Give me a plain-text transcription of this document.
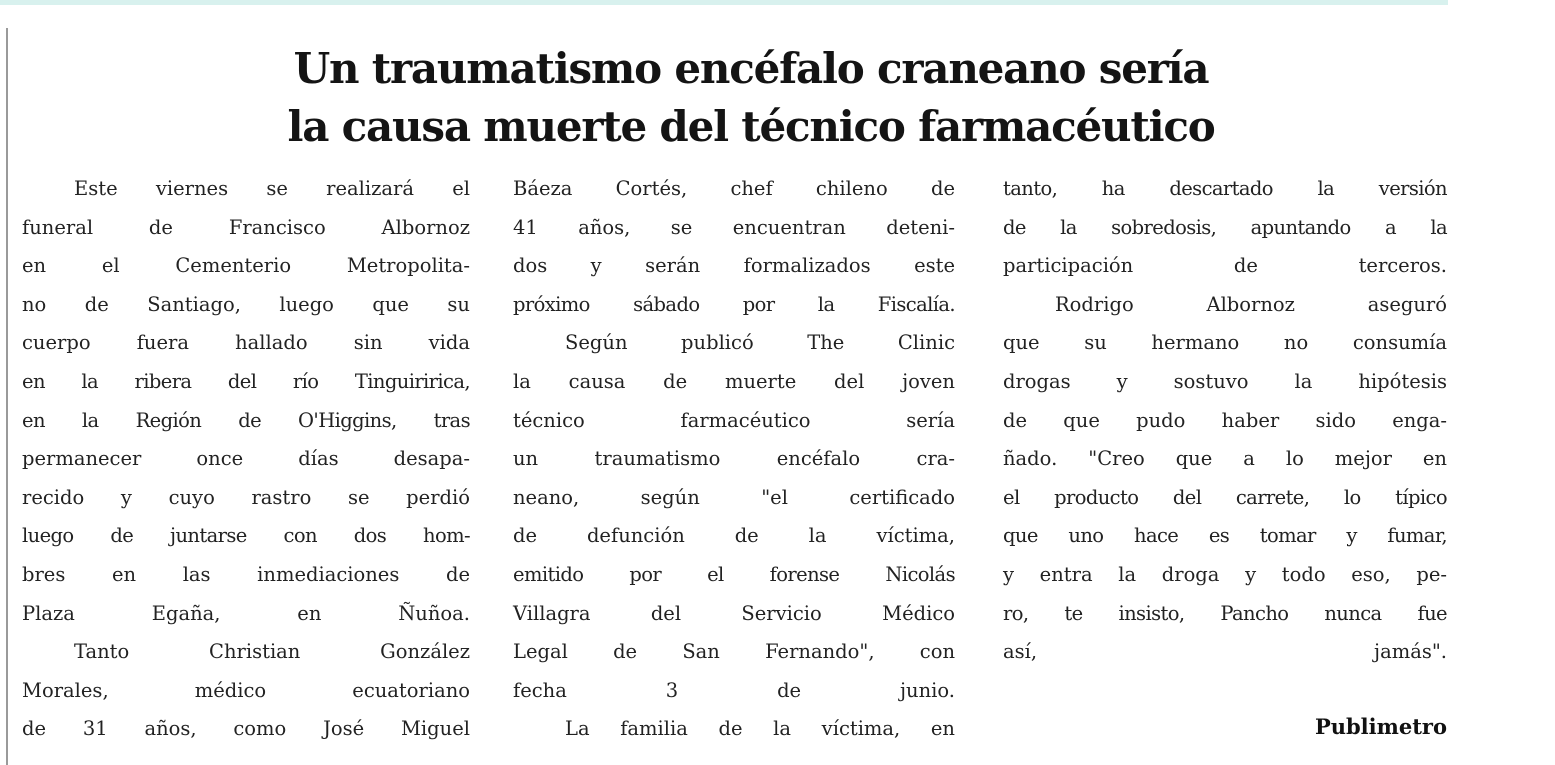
Un traumatismo encéfalo craneano sería
la causa muerte del técnico farmacéutico

Este viernes se realizará el
funeral de Francisco Albornoz
en el Cementerio Metropolita-
no de Santiago, luego que su
cuerpo fuera hallado sin vida
en la ribera del río Tinguiririca,
en la Región de O'Higgins, tras
permanecer once días desapa-
recido y cuyo rastro se perdió
luego de juntarse con dos hom-
bres en las inmediaciones de
Plaza Egaña, en Ñuñoa.

Tanto Christian González
Morales, médico ecuatoriano
de 31 años, como José Miguel

Báeza Cortés, chef chileno de
41 años, se encuentran deteni-
dos y serán formalizados este
próximo sábado por la Fiscalía.

Según publicó The Clinic
la causa de muerte del joven
técnico farmacéutico sería
un traumatismo encéfalo cra-
neano, según "el certificado
de defunción de la víctima,
emitido por el forense Nicolás
Villagra del Servicio Médico
Legal de San Fernando", con
fecha 3 de junio.

La familia de la víctima, en

tanto, ha descartado la versión
de la sobredosis, apuntando a la
participación de terceros.

Rodrigo Albornoz aseguró
que su hermano no consumía
drogas y sostuvo la hipótesis
de que pudo haber sido enga-
ñado. "Creo que a lo mejor en
el producto del carrete, lo típico
que uno hace es tomar y fumar,
y entra la droga y todo eso, pe-
ro, te insisto, Pancho nunca fue
así, jamás".

Publimetro
